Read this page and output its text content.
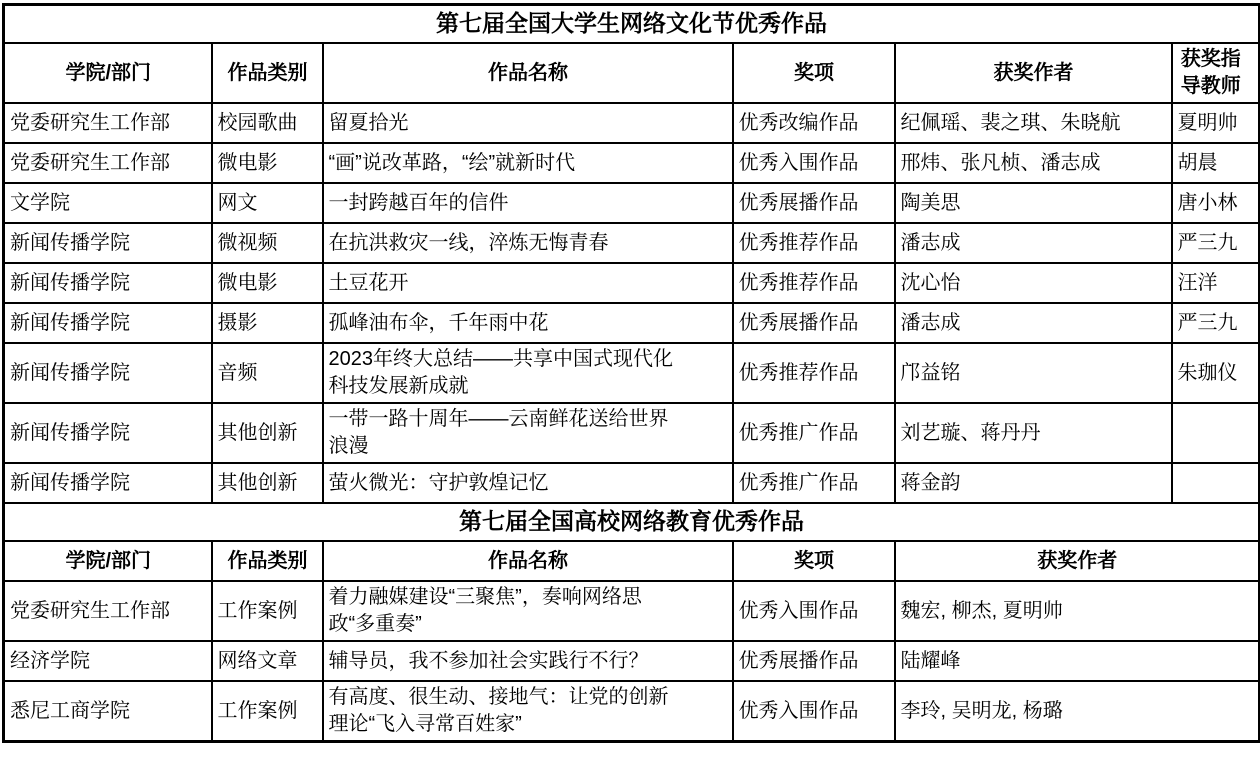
第七届全国大学生网络文化节优秀作品					
学院/部门	作品类别	作品名称	奖项	获奖作者	获奖指导教师
党委研究生工作部	校园歌曲	留夏拾光	优秀改编作品	纪佩瑶、裴之琪、朱晓航	夏明帅
党委研究生工作部	微电影	“画”说改革路，“绘”就新时代	优秀入围作品	邢炜、张凡桢、潘志成	胡晨
文学院	网文	一封跨越百年的信件	优秀展播作品	陶美思	唐小林
新闻传播学院	微视频	在抗洪救灾一线，淬炼无悔青春	优秀推荐作品	潘志成	严三九
新闻传播学院	微电影	土豆花开	优秀推荐作品	沈心怡	汪洋
新闻传播学院	摄影	孤峰油布伞，千年雨中花	优秀展播作品	潘志成	严三九
新闻传播学院	音频	2023年终大总结——共享中国式现代化科技发展新成就	优秀推荐作品	邝益铭	朱珈仪
新闻传播学院	其他创新	一带一路十周年——云南鲜花送给世界浪漫	优秀推广作品	刘艺璇、蒋丹丹	
新闻传播学院	其他创新	萤火微光：守护敦煌记忆	优秀推广作品	蒋金韵	
第七届全国高校网络教育优秀作品					
学院/部门	作品类别	作品名称	奖项	获奖作者	
党委研究生工作部	工作案例	着力融媒建设“三聚焦”，奏响网络思政“多重奏”	优秀入围作品	魏宏, 柳杰, 夏明帅	
经济学院	网络文章	辅导员，我不参加社会实践行不行？	优秀展播作品	陆耀峰	
悉尼工商学院	工作案例	有高度、很生动、接地气：让党的创新理论“飞入寻常百姓家”	优秀入围作品	李玲, 吴明龙, 杨璐	
